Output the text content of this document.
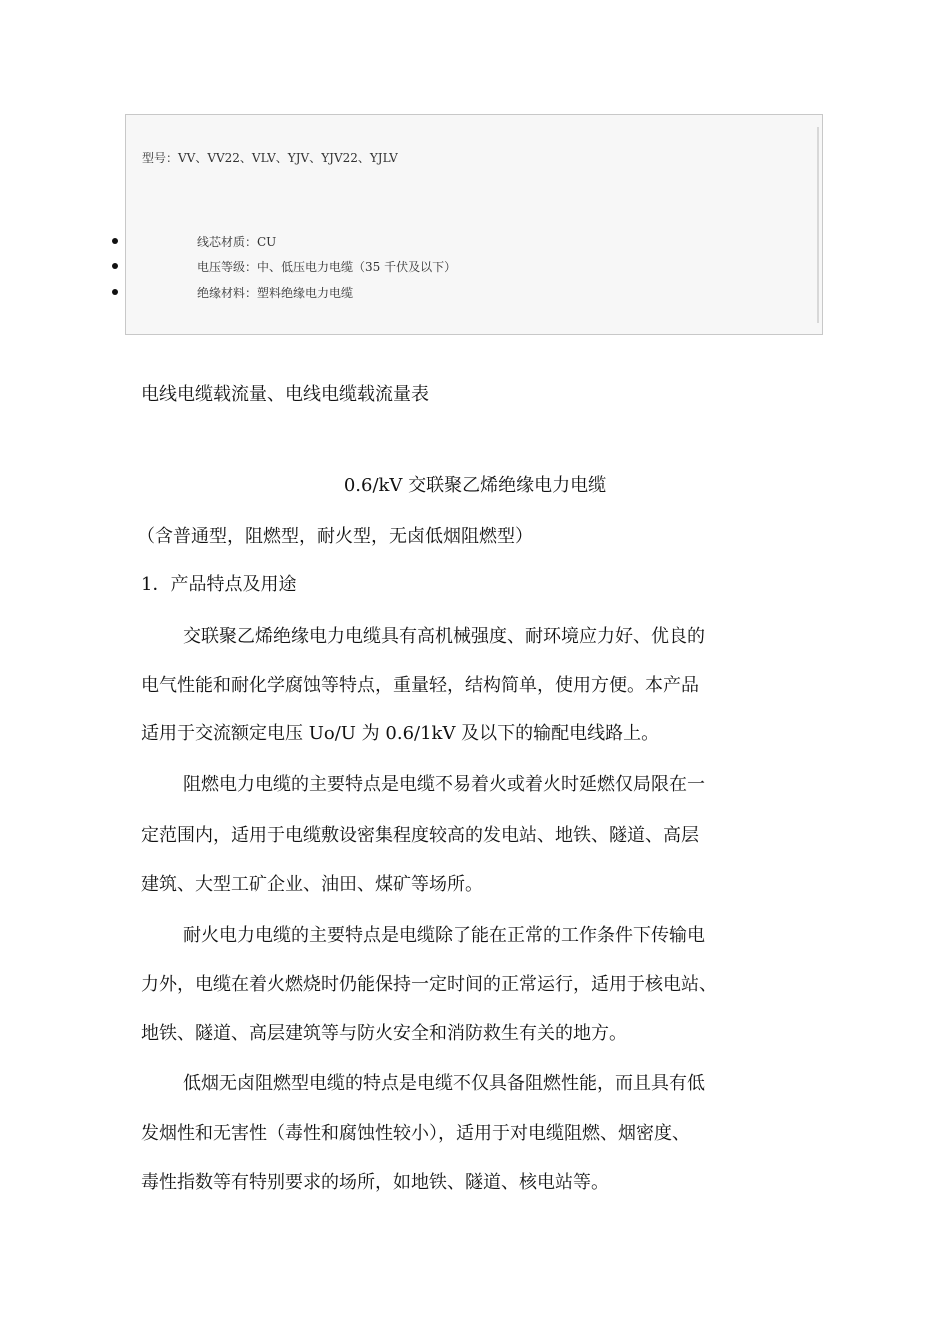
型号：VV、VV22、VLV、YJV、YJV22、YJLV
线芯材质：CU
电压等级：中、低压电力电缆（35 千伏及以下）
绝缘材料：塑料绝缘电力电缆
电线电缆载流量、电线电缆载流量表
0.6/kV 交联聚乙烯绝缘电力电缆
（含普通型，阻燃型，耐火型，无卤低烟阻燃型）
1．产品特点及用途
交联聚乙烯绝缘电力电缆具有高机械强度、耐环境应力好、优良的
电气性能和耐化学腐蚀等特点，重量轻，结构简单，使用方便。本产品
适用于交流额定电压 Uo/U 为 0.6/1kV 及以下的输配电线路上。
阻燃电力电缆的主要特点是电缆不易着火或着火时延燃仅局限在一
定范围内，适用于电缆敷设密集程度较高的发电站、地铁、隧道、高层
建筑、大型工矿企业、油田、煤矿等场所。
耐火电力电缆的主要特点是电缆除了能在正常的工作条件下传输电
力外，电缆在着火燃烧时仍能保持一定时间的正常运行，适用于核电站、
地铁、隧道、高层建筑等与防火安全和消防救生有关的地方。
低烟无卤阻燃型电缆的特点是电缆不仅具备阻燃性能，而且具有低
发烟性和无害性（毒性和腐蚀性较小），适用于对电缆阻燃、烟密度、
毒性指数等有特别要求的场所，如地铁、隧道、核电站等。
